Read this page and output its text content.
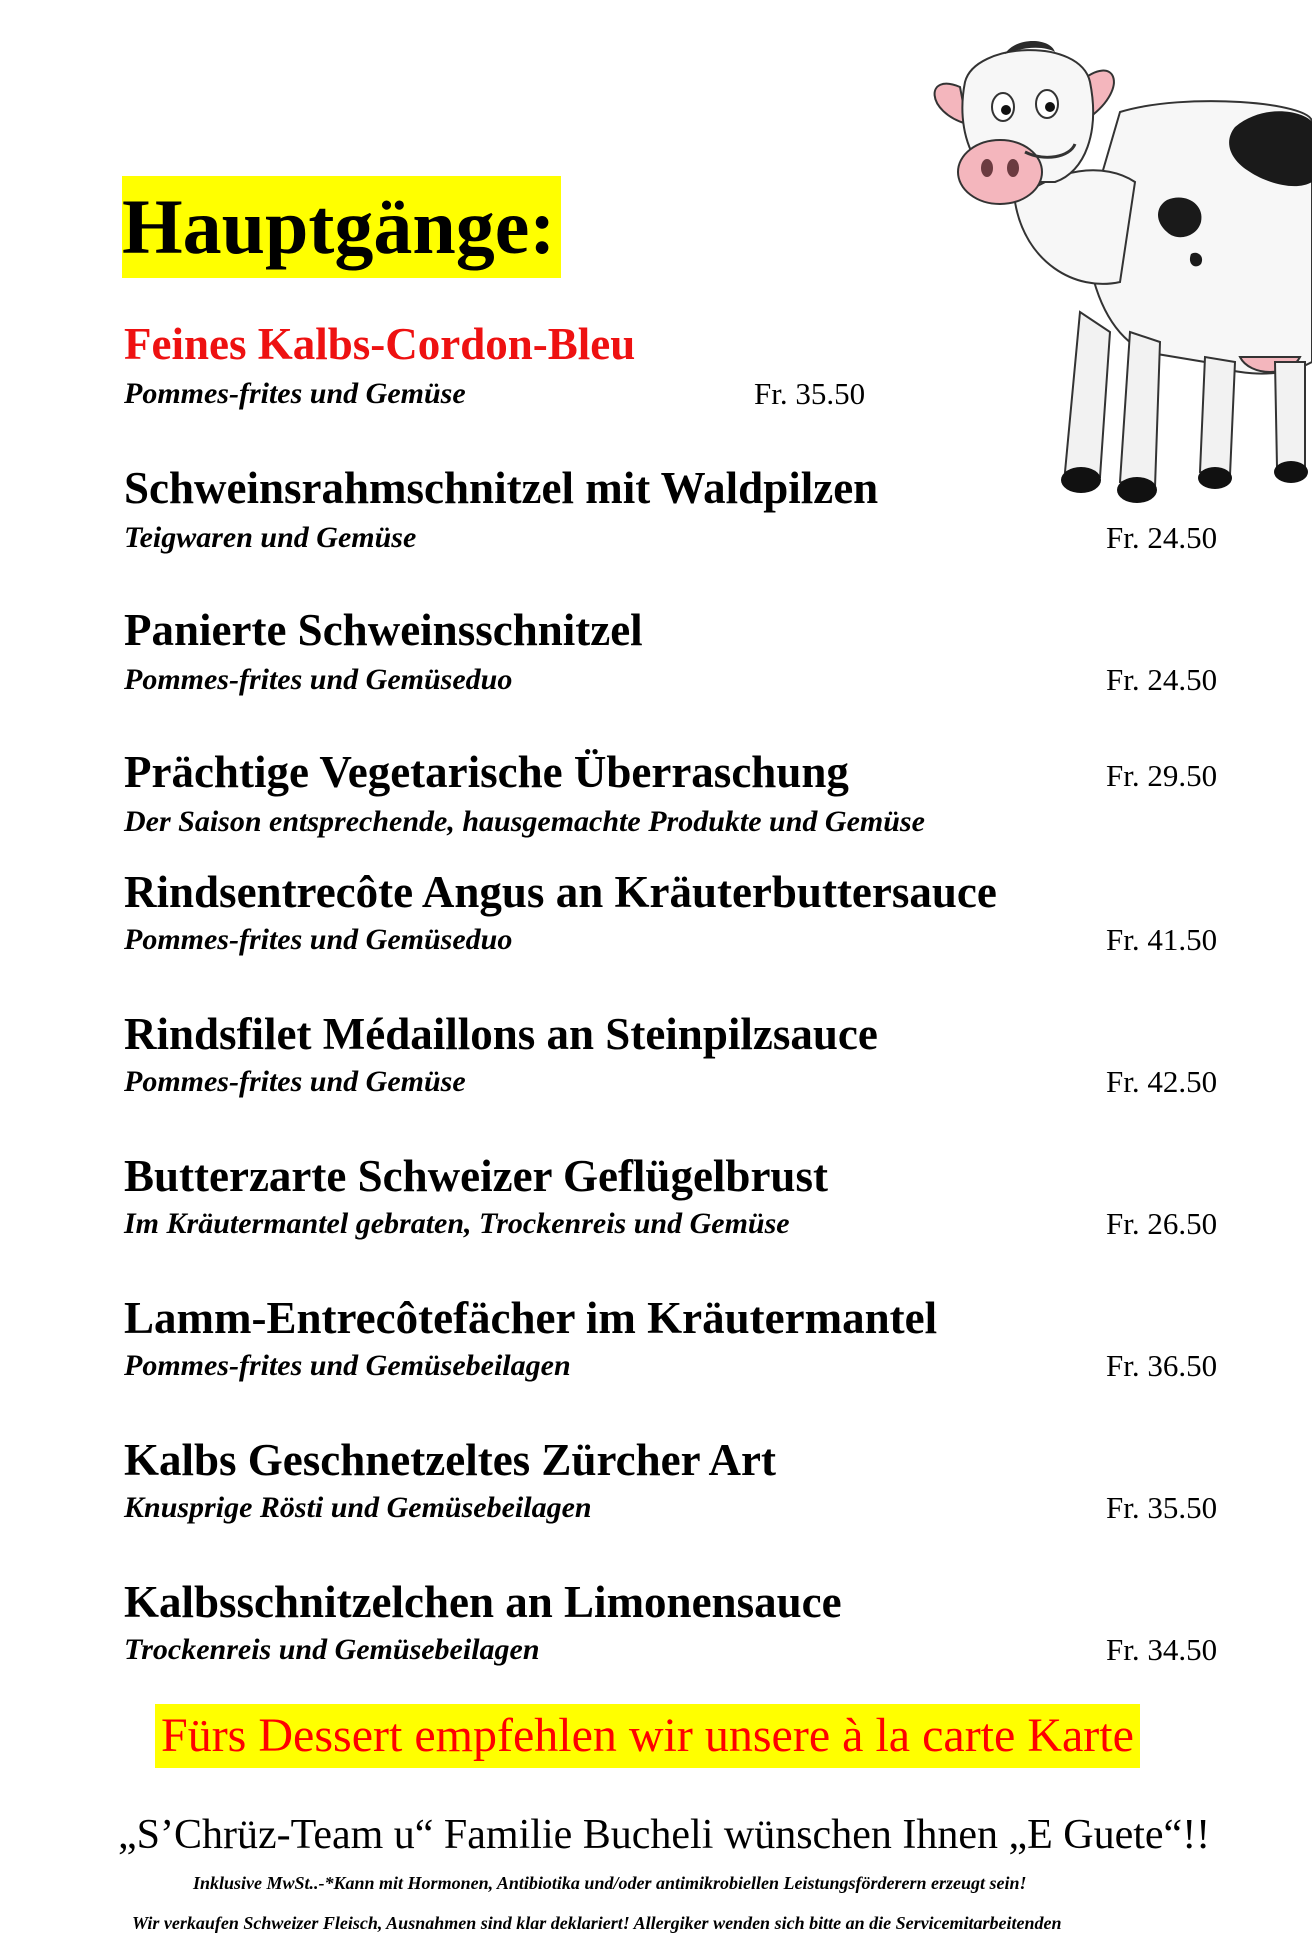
Hauptgänge:
Feines Kalbs-Cordon-Bleu
Pommes-frites und Gemüse	Fr. 35.50
Schweinsrahmschnitzel mit Waldpilzen
Teigwaren und Gemüse	Fr. 24.50
Panierte Schweinsschnitzel
Pommes-frites und Gemüseduo	Fr. 24.50
Prächtige Vegetarische Überraschung	Fr. 29.50
Der Saison entsprechende, hausgemachte Produkte und Gemüse
Rindsentrecôte Angus an Kräuterbuttersauce
Pommes-frites und Gemüseduo	Fr. 41.50
Rindsfilet Médaillons an Steinpilzsauce
Pommes-frites und Gemüse	Fr. 42.50
Butterzarte Schweizer Geflügelbrust
Im Kräutermantel gebraten, Trockenreis und Gemüse	Fr. 26.50
Lamm-Entrecôtefächer im Kräutermantel
Pommes-frites und Gemüsebeilagen	Fr. 36.50
Kalbs Geschnetzeltes Zürcher Art
Knusprige Rösti und Gemüsebeilagen	Fr. 35.50
Kalbsschnitzelchen an Limonensauce
Trockenreis und Gemüsebeilagen	Fr. 34.50
Fürs Dessert empfehlen wir unsere à la carte Karte
„S’Chrüz-Team u“ Familie Bucheli wünschen Ihnen „E Guete“!!
Inklusive MwSt..-*Kann mit Hormonen, Antibiotika und/oder antimikrobiellen Leistungsförderern erzeugt sein!
Wir verkaufen Schweizer Fleisch, Ausnahmen sind klar deklariert! Allergiker wenden sich bitte an die Servicemitarbeitenden
